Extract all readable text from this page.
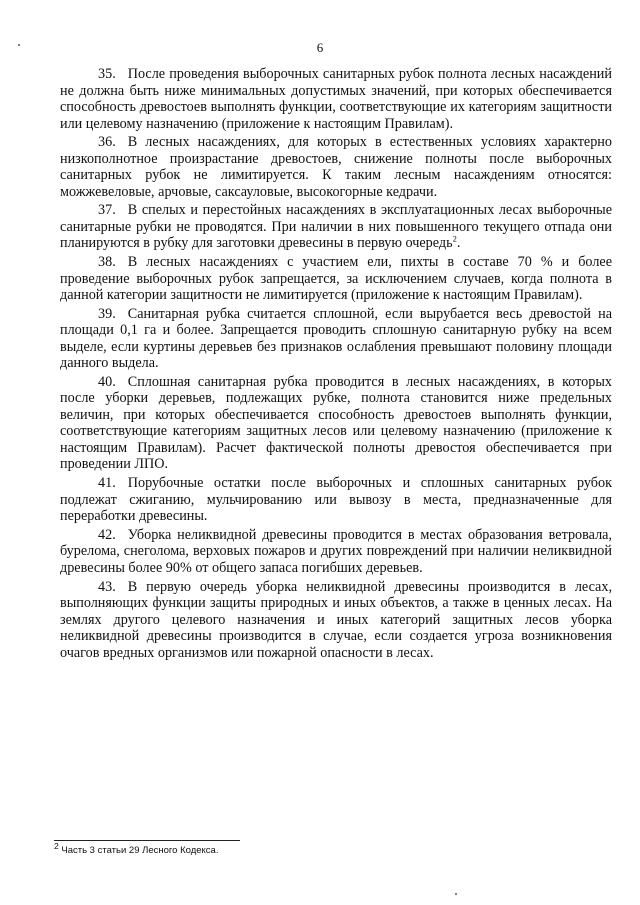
6

35. После проведения выборочных санитарных рубок полнота лесных насаждений не должна быть ниже минимальных допустимых значений, при которых обеспечивается способность древостоев выполнять функции, соответствующие их категориям защитности или целевому назначению (приложение к настоящим Правилам).

36. В лесных насаждениях, для которых в естественных условиях характерно низкополнотное произрастание древостоев, снижение полноты после выборочных санитарных рубок не лимитируется. К таким лесным насаждениям относятся: можжевеловые, арчовые, саксауловые, высокогорные кедрачи.

37. В спелых и перестойных насаждениях в эксплуатационных лесах выборочные санитарные рубки не проводятся. При наличии в них повышенного текущего отпада они планируются в рубку для заготовки древесины в первую очередь$^2$.

38. В лесных насаждениях с участием ели, пихты в составе 70 % и более проведение выборочных рубок запрещается, за исключением случаев, когда полнота в данной категории защитности не лимитируется (приложение к настоящим Правилам).

39. Санитарная рубка считается сплошной, если вырубается весь древостой на площади 0,1 га и более. Запрещается проводить сплошную санитарную рубку на всем выделе, если куртины деревьев без признаков ослабления превышают половину площади данного выдела.

40. Сплошная санитарная рубка проводится в лесных насаждениях, в которых после уборки деревьев, подлежащих рубке, полнота становится ниже предельных величин, при которых обеспечивается способность древостоев выполнять функции, соответствующие категориям защитных лесов или целевому назначению (приложение к настоящим Правилам). Расчет фактической полноты древостоя обеспечивается при проведении ЛПО.

41. Порубочные остатки после выборочных и сплошных санитарных рубок подлежат сжиганию, мульчированию или вывозу в места, предназначенные для переработки древесины.

42. Уборка неликвидной древесины проводится в местах образования ветровала, бурелома, снеголома, верховых пожаров и других повреждений при наличии неликвидной древесины более 90% от общего запаса погибших деревьев.

43. В первую очередь уборка неликвидной древесины производится в лесах, выполняющих функции защиты природных и иных объектов, а также в ценных лесах. На землях другого целевого назначения и иных категорий защитных лесов уборка неликвидной древесины производится в случае, если создается угроза возникновения очагов вредных организмов или пожарной опасности в лесах.

$^2$ Часть 3 статьи 29 Лесного Кодекса.
